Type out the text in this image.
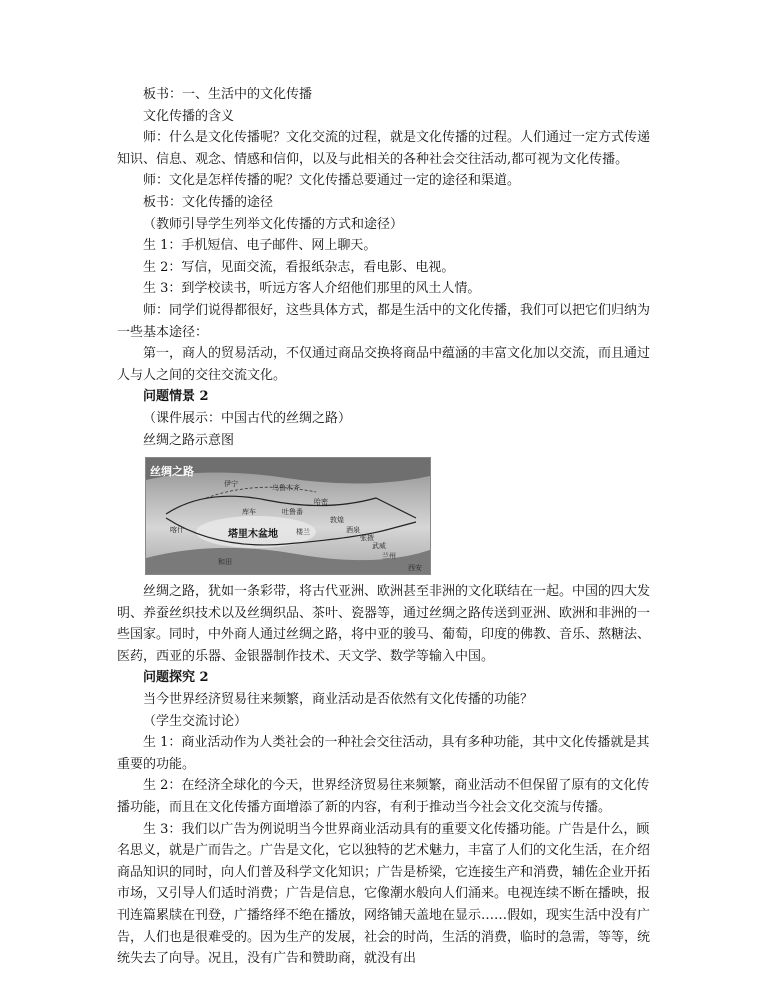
板书：一、生活中的文化传播

文化传播的含义

师：什么是文化传播呢？文化交流的过程，就是文化传播的过程。人们通过一定方式传递知识、信息、观念、情感和信仰，以及与此相关的各种社会交往活动,都可视为文化传播。

师：文化是怎样传播的呢？文化传播总要通过一定的途径和渠道。

板书：文化传播的途径

（教师引导学生列举文化传播的方式和途径）

生 1：手机短信、电子邮件、网上聊天。

生 2：写信，见面交流，看报纸杂志，看电影、电视。

生 3：到学校读书，听远方客人介绍他们那里的风土人情。

师：同学们说得都很好，这些具体方式，都是生活中的文化传播，我们可以把它们归纳为一些基本途径：

第一，商人的贸易活动，不仅通过商品交换将商品中蕴涵的丰富文化加以交流，而且通过人与人之间的交往交流文化。

问题情景 2

（课件展示：中国古代的丝绸之路）

丝绸之路示意图

丝绸之路
塔里木盆地
伊宁	乌鲁木齐
哈密
敦煌
酒泉
张掖
武威
兰州
西安
喀什
和田
楼兰
吐鲁番
库车

丝绸之路，犹如一条彩带，将古代亚洲、欧洲甚至非洲的文化联结在一起。中国的四大发明、养蚕丝织技术以及丝绸织品、茶叶、瓷器等，通过丝绸之路传送到亚洲、欧洲和非洲的一些国家。同时，中外商人通过丝绸之路，将中亚的骏马、葡萄，印度的佛教、音乐、熬糖法、医药，西亚的乐器、金银器制作技术、天文学、数学等输入中国。

问题探究 2

当今世界经济贸易往来频繁，商业活动是否依然有文化传播的功能？

（学生交流讨论）

生 1：商业活动作为人类社会的一种社会交往活动，具有多种功能，其中文化传播就是其重要的功能。

生 2：在经济全球化的今天，世界经济贸易往来频繁，商业活动不但保留了原有的文化传播功能，而且在文化传播方面增添了新的内容，有利于推动当今社会文化交流与传播。

生 3：我们以广告为例说明当今世界商业活动具有的重要文化传播功能。广告是什么，顾名思义，就是广而告之。广告是文化，它以独特的艺术魅力，丰富了人们的文化生活，在介绍商品知识的同时，向人们普及科学文化知识；广告是桥梁，它连接生产和消费，辅佐企业开拓市场，又引导人们适时消费；广告是信息，它像潮水般向人们涌来。电视连续不断在播映，报刊连篇累牍在刊登，广播络绎不绝在播放，网络铺天盖地在显示……假如，现实生活中没有广告，人们也是很难受的。因为生产的发展，社会的时尚，生活的消费，临时的急需，等等，统统失去了向导。况且，没有广告和赞助商，就没有出
